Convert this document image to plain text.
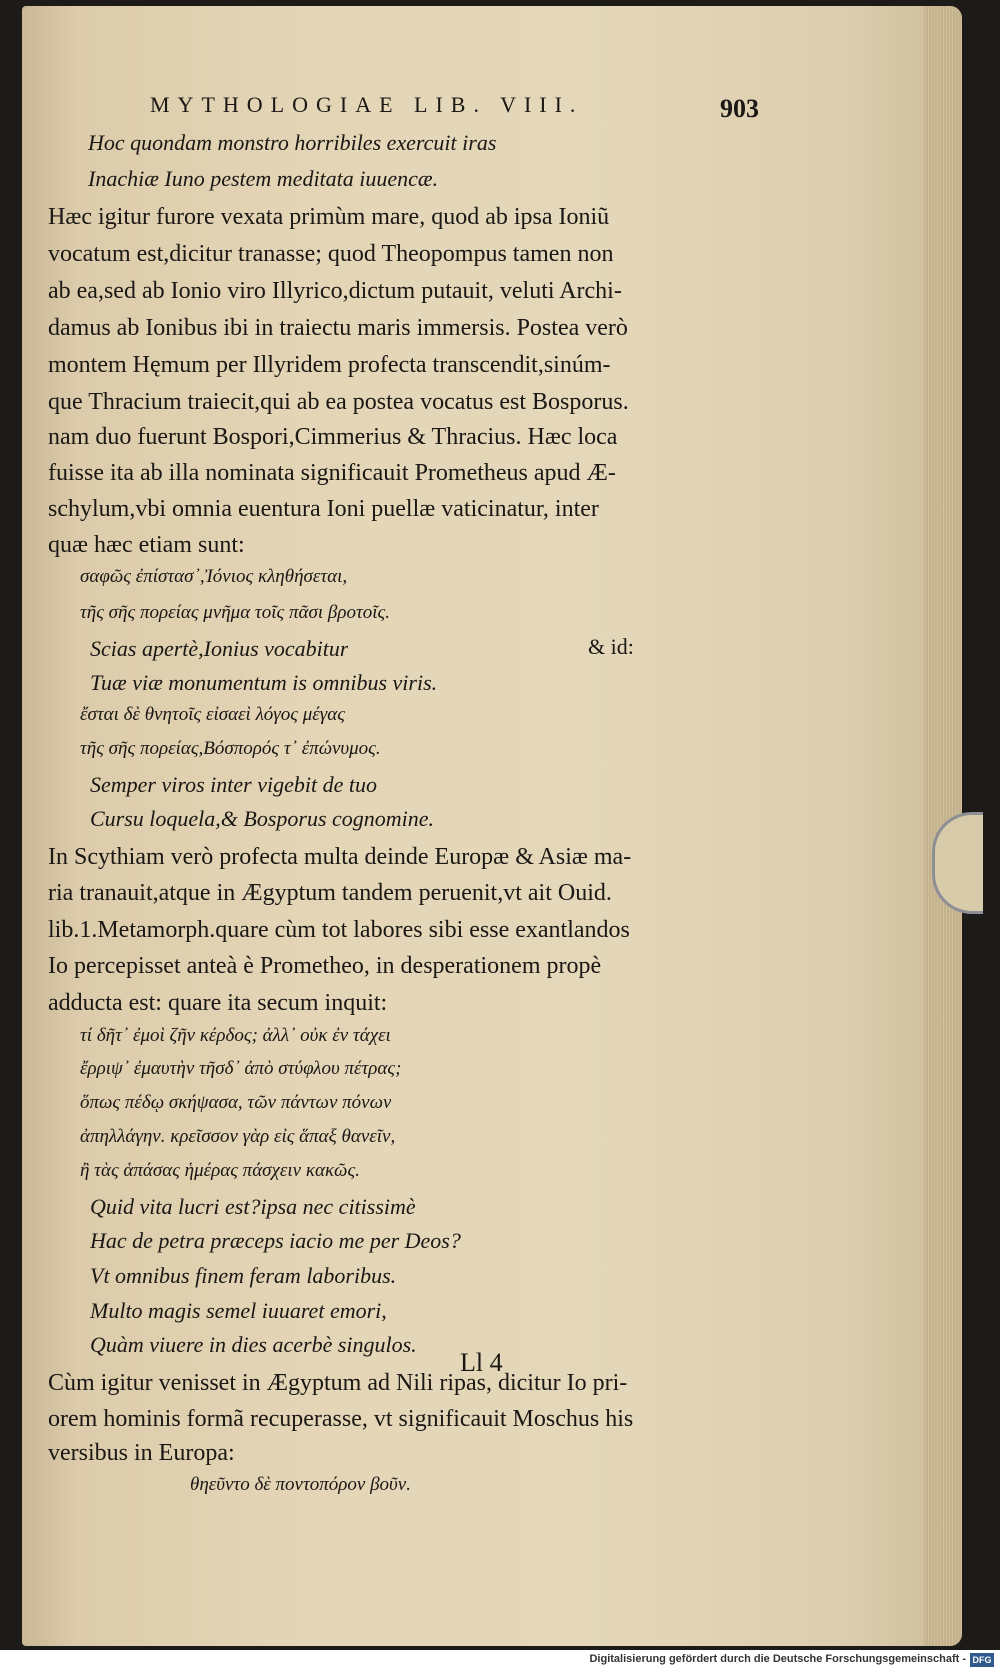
MYTHOLOGIAE LIB. VIII.	903
Hoc quondam monstro horribiles exercuit iras
Inachiæ Iuno pestem meditata iuuencæ.
Hæc igitur furore vexata primùm mare, quod ab ipsa Ioniũ
vocatum est,dicitur tranasse; quod Theopompus tamen non
ab ea,sed ab Ionio viro Illyrico,dictum putauit, veluti Archi-
damus ab Ionibus ibi in traiectu maris immersis. Postea verò
montem Hęmum per Illyridem profecta transcendit,sinúm-
que Thracium traiecit,qui ab ea postea vocatus est Bosporus.
nam duo fuerunt Bospori,Cimmerius & Thracius. Hæc loca
fuisse ita ab illa nominata significauit Prometheus apud Æ-
schylum,vbi omnia euentura Ioni puellæ vaticinatur, inter
quæ hæc etiam sunt:
σαφῶς ἐπίστασ᾽,Ἰόνιος κληθήσεται,
τῆς σῆς πορείας μνῆμα τοῖς πᾶσι βροτοῖς.
Scias apertè,Ionius vocabitur
Tuæ viæ monumentum is omnibus viris.
ἔσται δὲ θνητοῖς εἰσαεὶ λόγος μέγας
τῆς σῆς πορείας,Βόσπορός τ᾽ ἐπώνυμος.
Semper viros inter vigebit de tuo
Cursu loquela,& Bosporus cognomine.
In Scythiam verò profecta multa deinde Europæ & Asiæ ma-
ria tranauit,atque in Ægyptum tandem peruenit,vt ait Ouid.
lib.1.Metamorph.quare cùm tot labores sibi esse exantlandos
Io percepisset anteà è Prometheo, in desperationem propè
adducta est: quare ita secum inquit:
τί δῆτ᾽ ἐμοὶ ζῆν κέρδος; ἀλλ᾽ οὐκ ἐν τάχει
ἔρριψ᾽ ἐμαυτὴν τῆσδ᾽ ἀπὸ στύφλου πέτρας;
ὅπως πέδῳ σκήψασα, τῶν πάντων πόνων
ἀπηλλάγην. κρεῖσσον γὰρ εἰς ἅπαξ θανεῖν,
ἢ τὰς ἁπάσας ἡμέρας πάσχειν κακῶς.
Quid vita lucri est?ipsa nec citissimè
Hac de petra præceps iacio me per Deos?
Vt omnibus finem feram laboribus.
Multo magis semel iuuaret emori,
Quàm viuere in dies acerbè singulos.
Cùm igitur venisset in Ægyptum ad Nili ripas, dicitur Io pri-
orem hominis formã recuperasse, vt significauit Moschus his
versibus in Europa:
θηεῦντο δὲ ποντοπόρον βοῦν.
& id:
Ll 4
Digitalisierung gefördert durch die Deutsche Forschungsgemeinschaft - DFG
